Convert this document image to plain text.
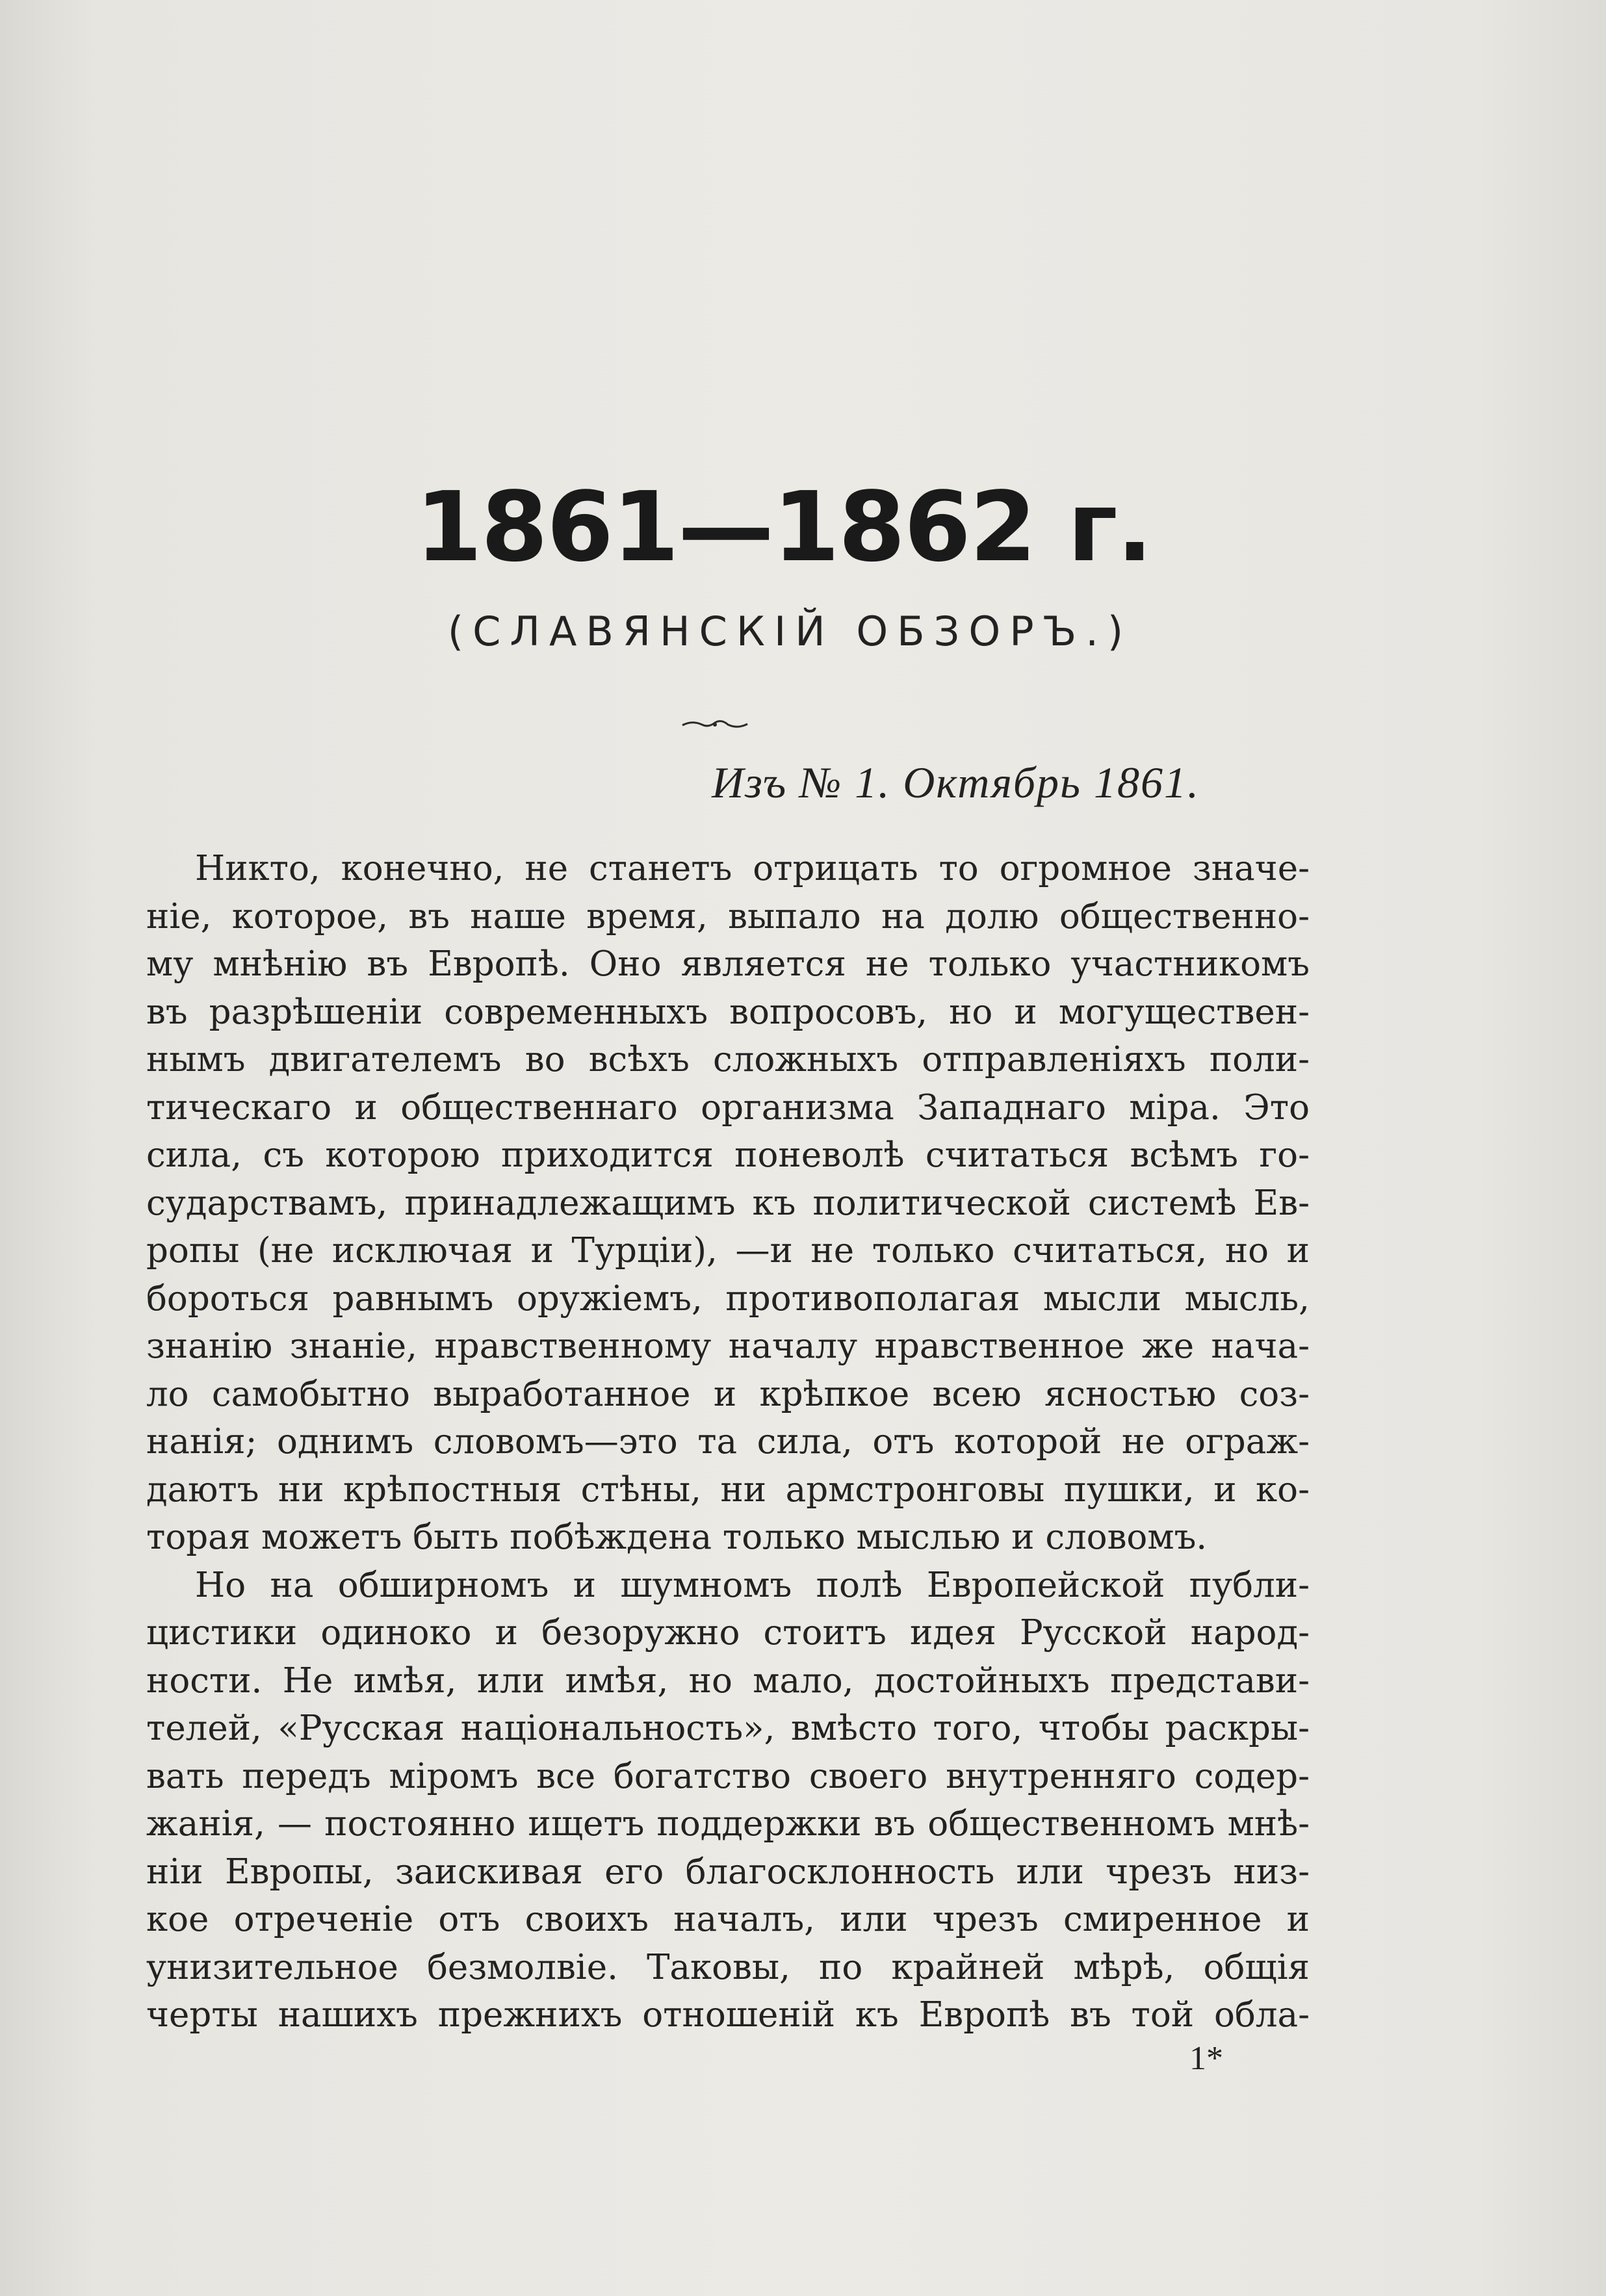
1861—1862 г.
(СЛАВЯНСКІЙ ОБЗОРЪ.)
Изъ № 1. Октябрь 1861.
Никто, конечно, не станетъ отрицать то огромное значе-
ніе, которое, въ наше время, выпало на долю общественно-
му мнѣнію въ Европѣ. Оно является не только участникомъ
въ разрѣшеніи современныхъ вопросовъ, но и могуществен-
нымъ двигателемъ во всѣхъ сложныхъ отправленіяхъ поли-
тическаго и общественнаго организма Западнаго міра. Это
сила, съ которою приходится поневолѣ считаться всѣмъ го-
сударствамъ, принадлежащимъ къ политической системѣ Ев-
ропы (не исключая и Турціи), —и не только считаться, но и
бороться равнымъ оружіемъ, противополагая мысли мысль,
знанію знаніе, нравственному началу нравственное же нача-
ло самобытно выработанное и крѣпкое всею ясностью соз-
нанія; однимъ словомъ—это та сила, отъ которой не ограж-
даютъ ни крѣпостныя стѣны, ни армстронговы пушки, и ко-
торая можетъ быть побѣждена только мыслью и словомъ.
Но на обширномъ и шумномъ полѣ Европейской публи-
цистики одиноко и безоружно стоитъ идея Русской народ-
ности. Не имѣя, или имѣя, но мало, достойныхъ представи-
телей, «Русская національность», вмѣсто того, чтобы раскры-
вать передъ міромъ все богатство своего внутренняго содер-
жанія, — постоянно ищетъ поддержки въ общественномъ мнѣ-
ніи Европы, заискивая его благосклонность или чрезъ низ-
кое отреченіе отъ своихъ началъ, или чрезъ смиренное и
унизительное безмолвіе. Таковы, по крайней мѣрѣ, общія
черты нашихъ прежнихъ отношеній къ Европѣ въ той обла-
1*
